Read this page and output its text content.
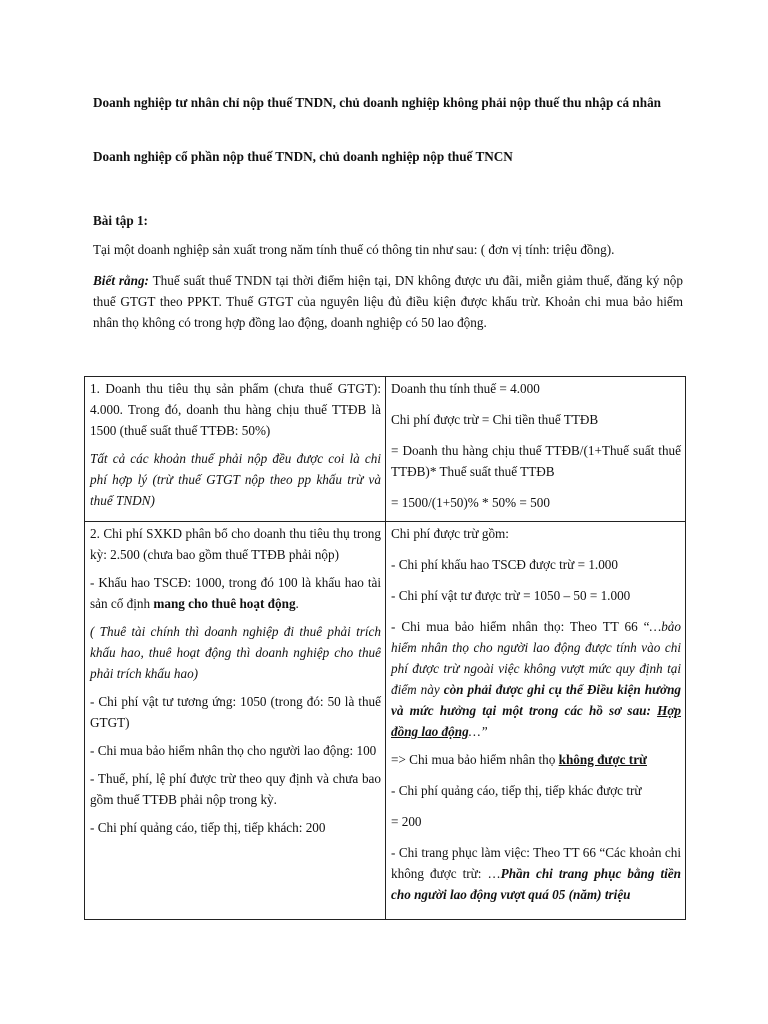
Doanh nghiệp tư nhân chỉ nộp thuế TNDN, chủ doanh nghiệp không phải nộp thuế thu nhập cá nhân

Doanh nghiệp cổ phần nộp thuế TNDN, chủ doanh nghiệp nộp thuế TNCN

Bài tập 1:

Tại một doanh nghiệp sản xuất trong năm tính thuế có thông tin như sau: ( đơn vị tính: triệu đồng).

Biết rằng: Thuế suất thuế TNDN tại thời điểm hiện tại, DN không được ưu đãi, miễn giảm thuế, đăng ký nộp thuế GTGT theo PPKT. Thuế GTGT của nguyên liệu đủ điều kiện được khấu trừ. Khoản chi mua bảo hiểm nhân thọ không có trong hợp đồng lao động, doanh nghiệp có 50 lao động.

1. Doanh thu tiêu thụ sản phẩm (chưa thuế GTGT): 4.000. Trong đó, doanh thu hàng chịu thuế TTĐB là 1500 (thuế suất thuế TTĐB: 50%)

Tất cả các khoản thuế phải nộp đều được coi là chi phí hợp lý (trừ thuế GTGT nộp theo pp khấu trừ và thuế TNDN)

Doanh thu tính thuế = 4.000

Chi phí được trừ = Chi tiền thuế TTĐB

= Doanh thu hàng chịu thuế TTĐB/(1+Thuế suất thuế TTĐB)* Thuế suất thuế TTĐB

= 1500/(1+50)% * 50% = 500

2. Chi phí SXKD phân bổ cho doanh thu tiêu thụ trong kỳ: 2.500 (chưa bao gồm thuế TTĐB phải nộp)

- Khấu hao TSCĐ: 1000, trong đó 100 là khấu hao tài sản cố định mang cho thuê hoạt động.

( Thuê tài chính thì doanh nghiệp đi thuê phải trích khấu hao, thuê hoạt động thì doanh nghiệp cho thuê phải trích khấu hao)

- Chi phí vật tư tương ứng: 1050 (trong đó: 50 là thuế GTGT)

- Chi mua bảo hiểm nhân thọ cho người lao động: 100

- Thuế, phí, lệ phí được trừ theo quy định và chưa bao gồm thuế TTĐB phải nộp trong kỳ.

- Chi phí quảng cáo, tiếp thị, tiếp khách: 200

Chi phí được trừ gồm:

- Chi phí khấu hao TSCĐ được trừ = 1.000

- Chi phí vật tư được trừ = 1050 – 50 = 1.000

- Chi mua bảo hiểm nhân thọ: Theo TT 66 “…bảo hiểm nhân thọ cho người lao động được tính vào chi phí được trừ ngoài việc không vượt mức quy định tại điểm này còn phải được ghi cụ thể Điều kiện hưởng và mức hưởng tại một trong các hồ sơ sau: Hợp đồng lao động…”

=> Chi mua bảo hiểm nhân thọ không được trừ

- Chi phí quảng cáo, tiếp thị, tiếp khác được trừ

= 200

- Chi trang phục làm việc: Theo TT 66 “Các khoản chi không được trừ: …Phần chi trang phục bằng tiền cho người lao động vượt quá 05 (năm) triệu
